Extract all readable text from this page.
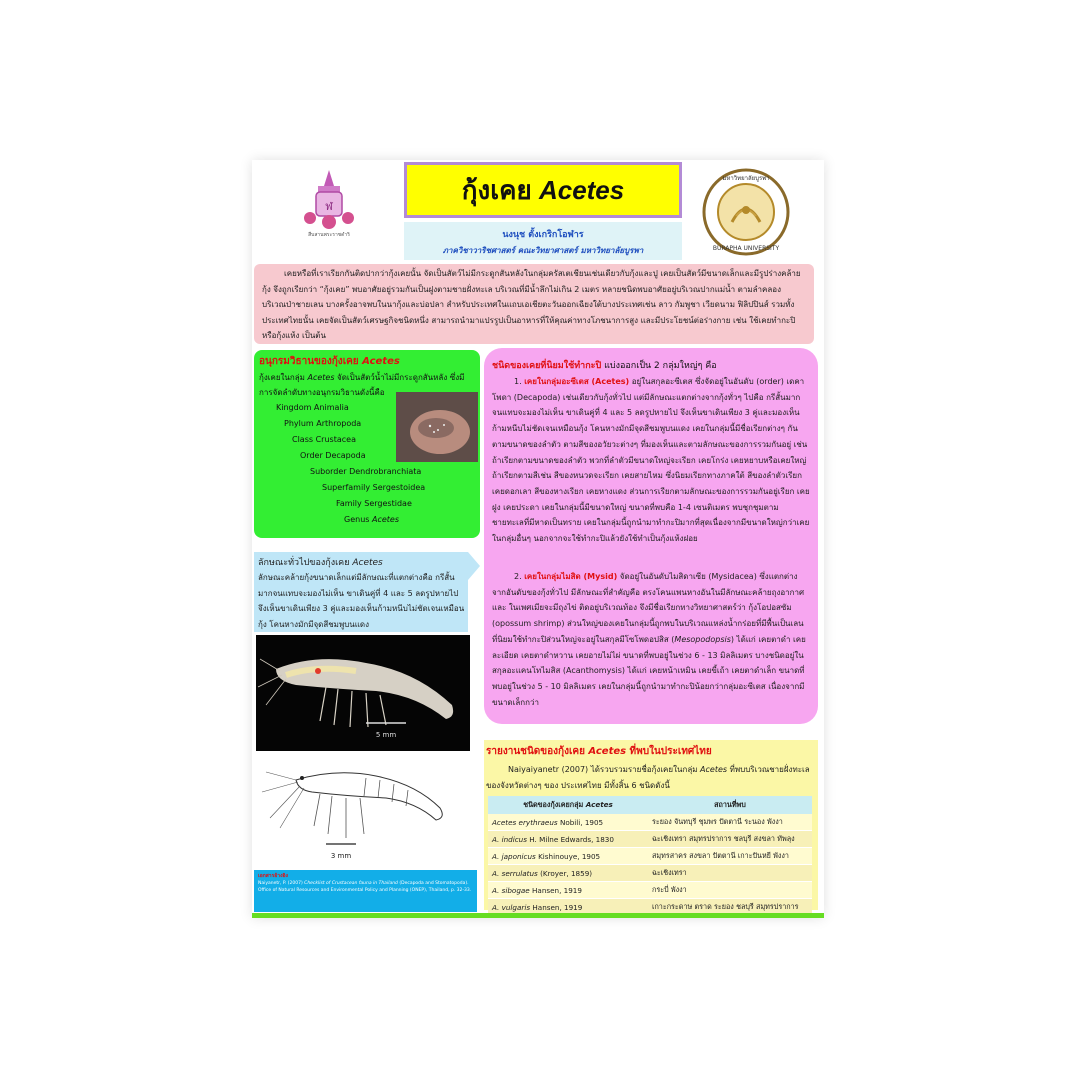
ฬ
สืบสานพระราชดำริ
กุ้งเคย Acetes	มหาวิทยาลัยบูรพา
BURAPHA UNIVERSITY
นงนุช ตั้งเกริกโอฬาร
ภาควิชาวาริชศาสตร์ คณะวิทยาศาสตร์ มหาวิทยาลัยบูรพา
เคยหรือที่เราเรียกกันติดปากว่ากุ้งเคยนั้น จัดเป็นสัตว์ไม่มีกระดูกสันหลังในกลุ่มครัสเตเชียนเช่นเดียวกับกุ้งและปู เคยเป็นสัตว์มีขนาดเล็กและมีรูปร่างคล้ายกุ้ง จึงถูกเรียกว่า “กุ้งเคย” พบอาศัยอยู่รวมกันเป็นฝูงตามชายฝั่งทะเล บริเวณที่มีน้ำลึกไม่เกิน 2 เมตร หลายชนิดพบอาศัยอยู่บริเวณปากแม่น้ำ ตามลำคลอง บริเวณป่าชายเลน บางครั้งอาจพบในนากุ้งและบ่อปลา สำหรับประเทศในแถบเอเชียตะวันออกเฉียงใต้บางประเทศเช่น ลาว กัมพูชา เวียดนาม ฟิลิปปินส์ รวมทั้งประเทศไทยนั้น เคยจัดเป็นสัตว์เศรษฐกิจชนิดหนึ่ง สามารถนำมาแปรรูปเป็นอาหารที่ให้คุณค่าทางโภชนาการสูง และมีประโยชน์ต่อร่างกาย เช่น ใช้เคยทำกะปิ หรือกุ้งแห้ง เป็นต้น
อนุกรมวิธานของกุ้งเคย Acetes
กุ้งเคยในกลุ่ม Acetes จัดเป็นสัตว์น้ำไม่มีกระดูกสันหลัง ซึ่งมีการจัดลำดับทางอนุกรมวิธานดังนี้คือ
Kingdom Animalia
Phylum Arthropoda
Class Crustacea
Order Decapoda
Suborder Dendrobranchiata
Superfamily Sergestoidea
Family Sergestidae
Genus Acetes
ลักษณะทั่วไปของกุ้งเคย Acetes
ลักษณะคล้ายกุ้งขนาดเล็กแต่มีลักษณะที่แตกต่างคือ กรีสั้นมากจนแทบจะมองไม่เห็น ขาเดินคู่ที่ 4 และ 5 ลดรูปหายไป จึงเห็นขาเดินเพียง 3 คู่และมองเห็นก้ามหนีบไม่ชัดเจนเหมือนกุ้ง โคนหางมักมีจุดสีชมพูบนแดง
5 mm
3 mm
เอกสารอ้างอิง
Naiyanetr, P. (2007) Checklist of Crustacean fauna in Thailand (Decapoda and Stomatopoda). Office of Natural Resources and Environmental Policy and Planning (ONEP), Thailand, p. 32-33.
ชนิดของเคยที่นิยมใช้ทำกะปิ แบ่งออกเป็น 2 กลุ่มใหญ่ๆ คือ
1. เคยในกลุ่มอะซีเตส (Acetes) อยู่ในสกุลอะซีเตส ซึ่งจัดอยู่ในอันดับ (order) เดคาโพดา (Decapoda) เช่นเดียวกับกุ้งทั่วไป แต่มีลักษณะแตกต่างจากกุ้งทั่วๆ ไปคือ กรีสั้นมากจนแทบจะมองไม่เห็น ขาเดินคู่ที่ 4 และ 5 ลดรูปหายไป จึงเห็นขาเดินเพียง 3 คู่และมองเห็นก้ามหนีบไม่ชัดเจนเหมือนกุ้ง โคนหางมักมีจุดสีชมพูบนแดง เคยในกลุ่มนี้มีชื่อเรียกต่างๆ กัน ตามขนาดของลำตัว ตามสีของอวัยวะต่างๆ ที่มองเห็นและตามลักษณะของการรวมกันอยู่ เช่น ถ้าเรียกตามขนาดของลำตัว พวกที่ลำตัวมีขนาดใหญ่จะเรียก เคยโกร่ง เคยหยาบหรือเคยใหญ่ ถ้าเรียกตามสีเช่น สีของหนวดจะเรียก เคยสายไหม ซึ่งนิยมเรียกทางภาคใต้ สีของลำตัวเรียก เคยดอกเลา สีของหางเรียก เคยหางแดง ส่วนการเรียกตามลักษณะของการรวมกันอยู่เรียก เคยฝูง เคยประดา เคยในกลุ่มนี้มีขนาดใหญ่ ขนาดที่พบคือ 1-4 เซนติเมตร พบชุกชุมตามชายทะเลที่มีหาดเป็นทราย เคยในกลุ่มนี้ถูกนำมาทำกะปิมากที่สุดเนื่องจากมีขนาดใหญ่กว่าเคยในกลุ่มอื่นๆ นอกจากจะใช้ทำกะปิแล้วยังใช้ทำเป็นกุ้งแห้งฝอย
2. เคยในกลุ่มไมสิด (Mysid) จัดอยู่ในอันดับไมสิดาเซีย (Mysidacea) ซึ่งแตกต่างจากอันดับของกุ้งทั่วไป มีลักษณะที่สำคัญคือ ตรงโคนแพนหางอันในมีลักษณะคล้ายถุงอากาศ และ ในเพศเมียจะมีถุงไข่ ติดอยู่บริเวณท้อง จึงมีชื่อเรียกทางวิทยาศาสตร์ว่า กุ้งโอปอสซัม (opossum shrimp) ส่วนใหญ่ของเคยในกลุ่มนี้ถูกพบในบริเวณแหล่งน้ำกร่อยที่มีพื้นเป็นเลน ที่นิยมใช้ทำกะปิส่วนใหญ่จะอยู่ในสกุลมีโซโพดอปสิส (Mesopodopsis) ได้แก่ เคยตาดำ เคยละเอียด เคยตาดำหวาน เคยอายไม่ไผ่ ขนาดที่พบอยู่ในช่วง 6 - 13 มิลลิเมตร บางชนิดอยู่ในสกุลอะแคนโทไมสิส (Acanthomysis) ได้แก่ เคยหน้าเหมิน เคยขี้เถ้า เคยตาดำเล็ก ขนาดที่พบอยู่ในช่วง 5 - 10 มิลลิเมตร เคยในกลุ่มนี้ถูกนำมาทำกะปิน้อยกว่ากลุ่มอะซีเตส เนื่องจากมีขนาดเล็กกว่า
รายงานชนิดของกุ้งเคย Acetes ที่พบในประเทศไทย
Naiyaiyanetr (2007) ได้รวบรวมรายชื่อกุ้งเคยในกลุ่ม Acetes ที่พบบริเวณชายฝั่งทะเลของจังหวัดต่างๆ ของ ประเทศไทย มีทั้งสิ้น 6 ชนิดดังนี้
ชนิดของกุ้งเคยกลุ่ม Acetes	สถานที่พบ
Acetes erythraeus Nobili, 1905	ระยอง จันทบุรี ชุมพร ปัตตานี ระนอง พังงา
A. indicus H. Milne Edwards, 1830	ฉะเชิงเทรา สมุทรปราการ ชลบุรี สงขลา ทัพลุง
A. japonicus Kishinouye, 1905	สมุทรสาคร สงขลา ปัตตานี เกาะปันหยี พังงา
A. serrulatus (Kroyer, 1859)	ฉะเชิงเทรา
A. sibogae Hansen, 1919	กระบี่ พังงา
A. vulgaris Hansen, 1919	เกาะกระดาษ ตราด ระยอง ชลบุรี สมุทรปราการ
